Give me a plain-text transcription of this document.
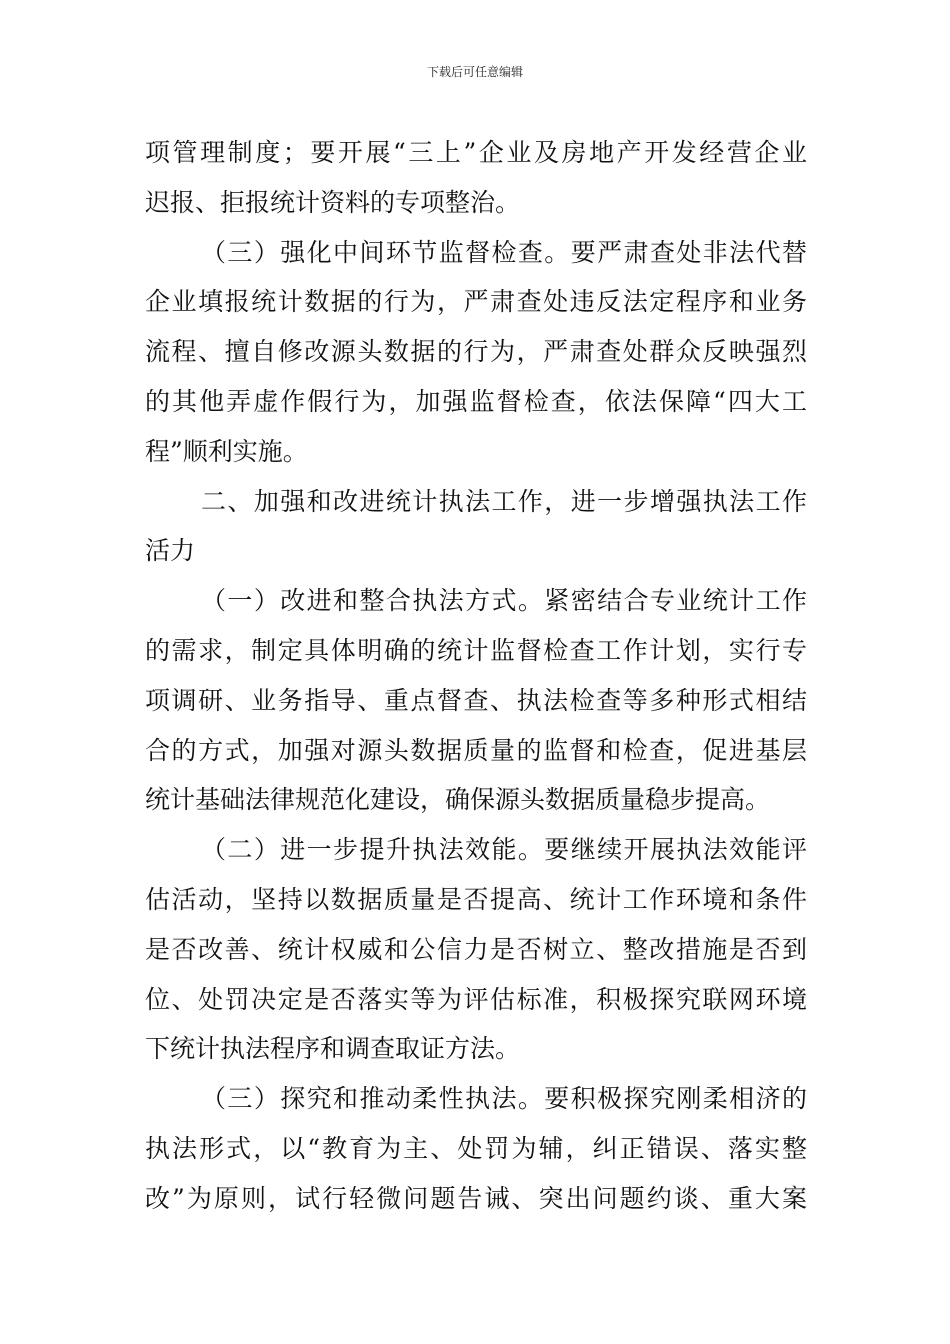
下载后可任意编辑
项管理制度；要开展“三上”企业及房地产开发经营企业
迟报、拒报统计资料的专项整治。
（三）强化中间环节监督检查。要严肃查处非法代替
企业填报统计数据的行为，严肃查处违反法定程序和业务
流程、擅自修改源头数据的行为，严肃查处群众反映强烈
的其他弄虚作假行为，加强监督检查，依法保障“四大工
程”顺利实施。
二、加强和改进统计执法工作，进一步增强执法工作
活力
（一）改进和整合执法方式。紧密结合专业统计工作
的需求，制定具体明确的统计监督检查工作计划，实行专
项调研、业务指导、重点督查、执法检查等多种形式相结
合的方式，加强对源头数据质量的监督和检查，促进基层
统计基础法律规范化建设，确保源头数据质量稳步提高。
（二）进一步提升执法效能。要继续开展执法效能评
估活动，坚持以数据质量是否提高、统计工作环境和条件
是否改善、统计权威和公信力是否树立、整改措施是否到
位、处罚决定是否落实等为评估标准，积极探究联网环境
下统计执法程序和调查取证方法。
（三）探究和推动柔性执法。要积极探究刚柔相济的
执法形式，以“教育为主、处罚为辅，纠正错误、落实整
改”为原则，试行轻微问题告诫、突出问题约谈、重大案
